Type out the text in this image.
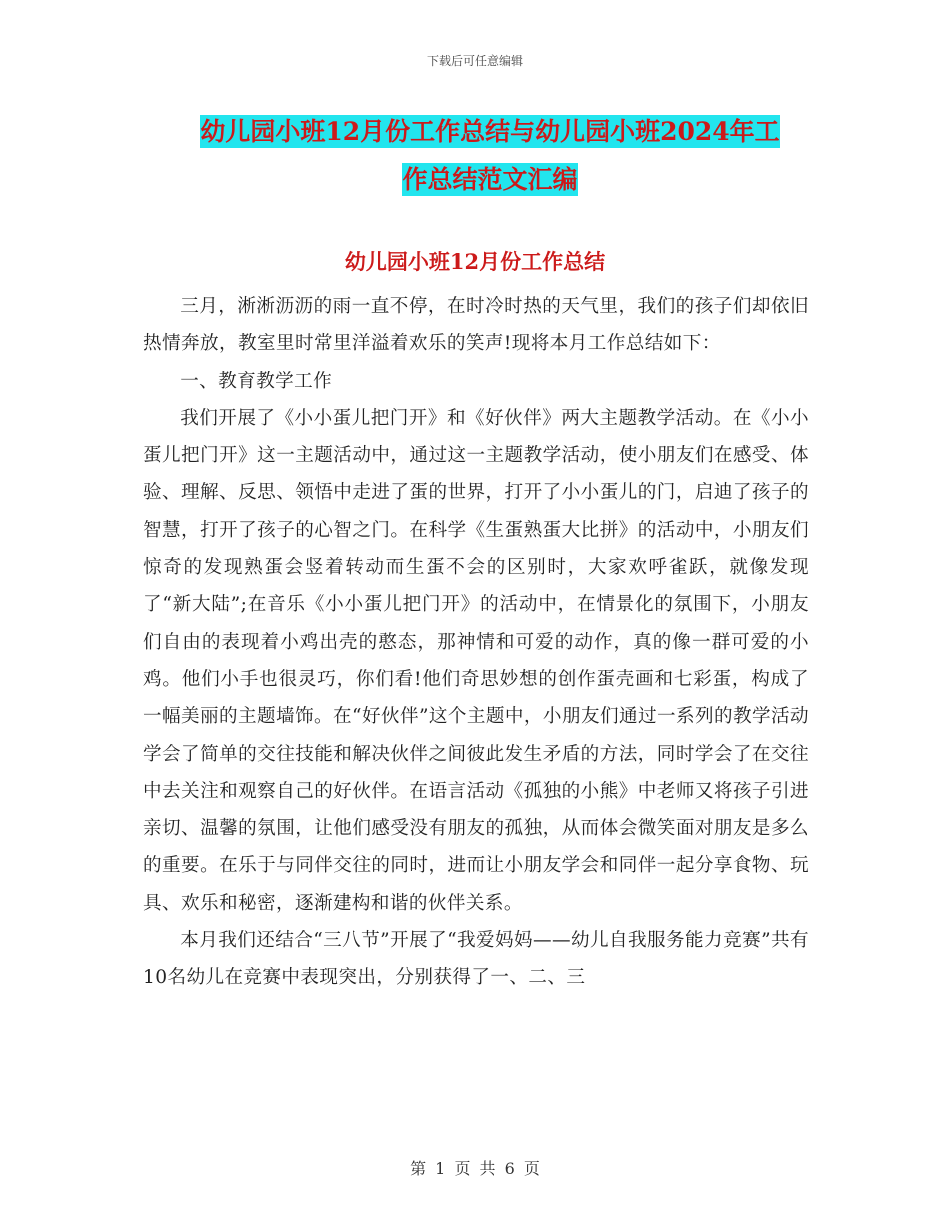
下载后可任意编辑
幼儿园小班12月份工作总结与幼儿园小班2024年工
作总结范文汇编
幼儿园小班12月份工作总结

三月，淅淅沥沥的雨一直不停，在时冷时热的天气里，我们的孩子们却依旧热情奔放，教室里时常里洋溢着欢乐的笑声!现将本月工作总结如下：

一、教育教学工作

我们开展了《小小蛋儿把门开》和《好伙伴》两大主题教学活动。在《小小蛋儿把门开》这一主题活动中，通过这一主题教学活动，使小朋友们在感受、体验、理解、反思、领悟中走进了蛋的世界，打开了小小蛋儿的门，启迪了孩子的智慧，打开了孩子的心智之门。在科学《生蛋熟蛋大比拼》的活动中，小朋友们惊奇的发现熟蛋会竖着转动而生蛋不会的区别时，大家欢呼雀跃，就像发现了“新大陆”;在音乐《小小蛋儿把门开》的活动中，在情景化的氛围下，小朋友们自由的表现着小鸡出壳的憨态，那神情和可爱的动作，真的像一群可爱的小鸡。他们小手也很灵巧，你们看!他们奇思妙想的创作蛋壳画和七彩蛋，构成了一幅美丽的主题墙饰。在“好伙伴”这个主题中，小朋友们通过一系列的教学活动学会了简单的交往技能和解决伙伴之间彼此发生矛盾的方法，同时学会了在交往中去关注和观察自己的好伙伴。在语言活动《孤独的小熊》中老师又将孩子引进亲切、温馨的氛围，让他们感受没有朋友的孤独，从而体会微笑面对朋友是多么的重要。在乐于与同伴交往的同时，进而让小朋友学会和同伴一起分享食物、玩具、欢乐和秘密，逐渐建构和谐的伙伴关系。

本月我们还结合“三八节”开展了“我爱妈妈——幼儿自我服务能力竞赛”共有10名幼儿在竞赛中表现突出，分别获得了一、二、三

第 1 页 共 6 页
